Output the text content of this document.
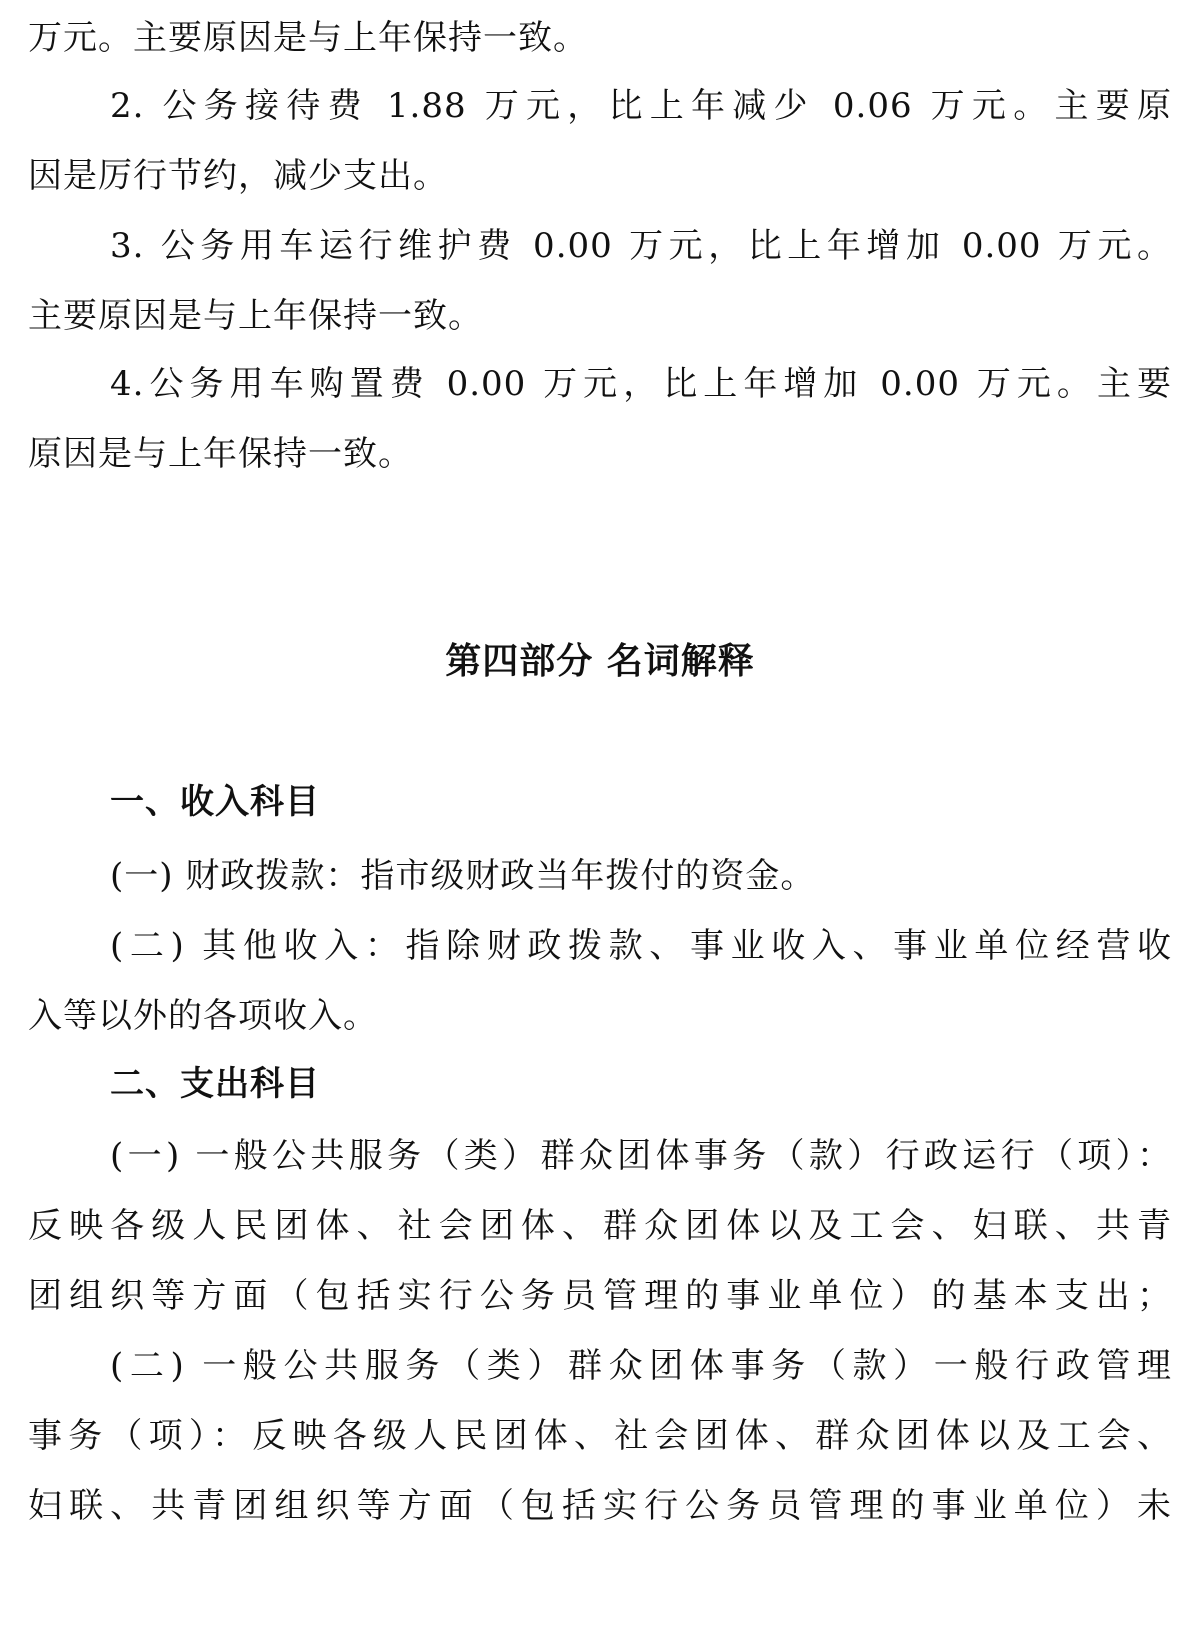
万元。主要原因是与上年保持一致。
2. 公务接待费 1.88 万元，比上年减少 0.06 万元。主要原
因是厉行节约，减少支出。
3. 公务用车运行维护费 0.00 万元，比上年增加 0.00 万元。
主要原因是与上年保持一致。
4.公务用车购置费 0.00 万元，比上年增加 0.00 万元。主要
原因是与上年保持一致。
第四部分 名词解释
一、收入科目
(一) 财政拨款：指市级财政当年拨付的资金。
(二) 其他收入：指除财政拨款、事业收入、事业单位经营收
入等以外的各项收入。
二、支出科目
(一) 一般公共服务（类）群众团体事务（款）行政运行（项）：
反映各级人民团体、社会团体、群众团体以及工会、妇联、共青
团组织等方面（包括实行公务员管理的事业单位）的基本支出；
(二) 一般公共服务（类）群众团体事务（款）一般行政管理
事务（项）：反映各级人民团体、社会团体、群众团体以及工会、
妇联、共青团组织等方面（包括实行公务员管理的事业单位）未
